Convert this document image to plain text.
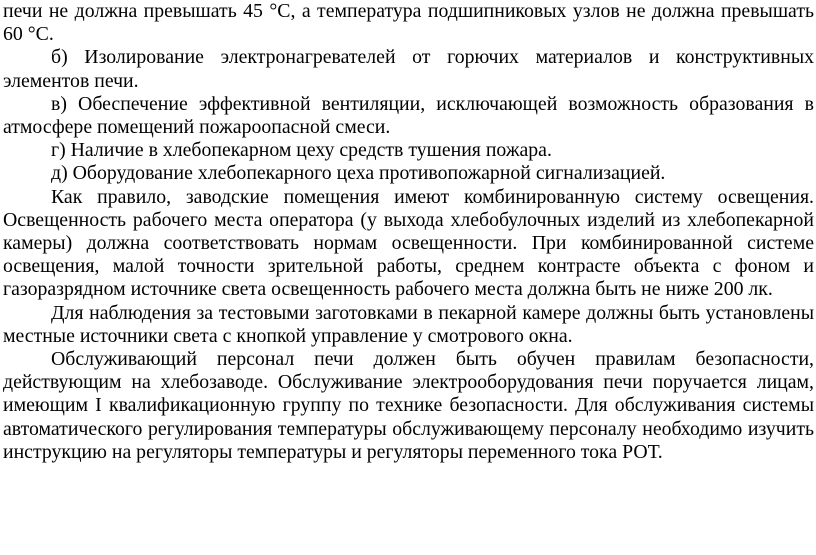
печи не должна превышать 45 °С, а температура подшипниковых узлов не должна превышать 60 °С.

б) Изолирование электронагревателей от горючих материалов и конструктивных элементов печи.

в) Обеспечение эффективной вентиляции, исключающей возможность образования в атмосфере помещений пожароопасной смеси.

г) Наличие в хлебопекарном цеху средств тушения пожара.

д) Оборудование хлебопекарного цеха противопожарной сигнализацией.

Как правило, заводские помещения имеют комбинированную систему освещения. Освещенность рабочего места оператора (у выхода хлебобулочных изделий из хлебопекарной камеры) должна соответствовать нормам освещенности. При комбинированной системе освещения, малой точности зрительной работы, среднем контрасте объекта с фоном и газоразрядном источнике света освещенность рабочего места должна быть не ниже 200 лк.

Для наблюдения за тестовыми заготовками в пекарной камере должны быть установлены местные источники света с кнопкой управление у смотрового окна.

Обслуживающий персонал печи должен быть обучен правилам безопасности, действующим на хлебозаводе. Обслуживание электрооборудования печи поручается лицам, имеющим I квалификационную группу по технике безопасности. Для обслуживания системы автоматического регулирования температуры обслуживающему персоналу необходимо изучить инструкцию на регуляторы температуры и регуляторы переменного тока РОТ.
